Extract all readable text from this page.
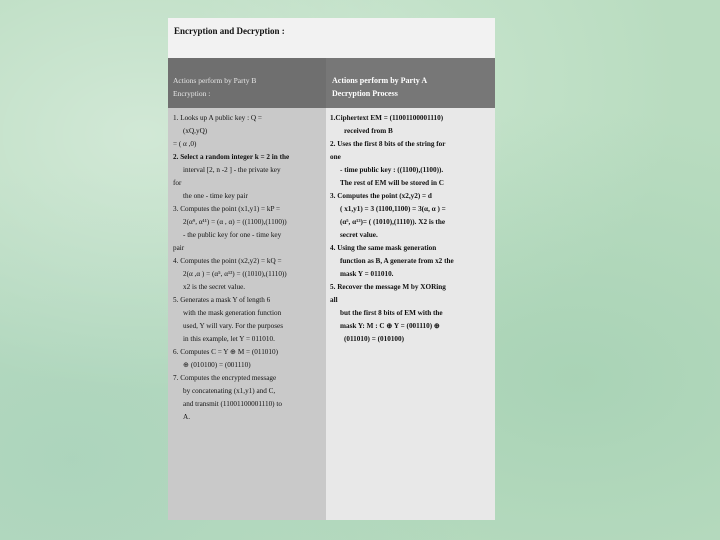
Encryption and Decryption :
Actions perform by Party B
Encryption :
1. Looks up A public key : Q =
(xQ,yQ)
= ( α ,0)
2. Select a random integer k = 2 in the
interval [2, n -2 ] - the private key
for
the one - time key pair
3. Computes the point (x1,y1) = kP =
2(α⁹, α¹¹) = (α , α) = ((1100),(1100))
- the public key for one - time key
pair
4. Computes the point (x2,y2) = kQ =
2(α ,α ) = (α⁵, α¹³) = ((1010),(1110))
x2 is the secret value.
5. Generates a mask Y of length 6
with the mask generation function
used, Y will vary. For the purposes
in this example, let Y = 011010.
6. Computes C = Y ⊕ M = (011010)
⊕ (010100) = (001110)
7. Computes the encrypted message
by concatenating (x1,y1) and C,
and transmit (11001100001110) to
A.
Actions perform by Party A
Decryption Process
1.Ciphertext EM = (11001100001110)
received from B
2. Uses the first 8 bits of the string for
one
- time public key : ((1100),(1100)).
The rest of EM will be stored in C
3. Computes the point (x2,y2) = d
( x1,y1) = 3 (1100,1100) = 3(α, α ) =
(α⁵, α¹³)= ( (1010),(1110)). X2 is the
secret value.
4. Using the same mask generation
function as B, A generate from x2 the
mask Y = 011010.
5. Recover the message M by XORing
all
but the first 8 bits of EM with the
mask Y: M : C ⊕ Y = (001110) ⊕
(011010) = (010100)
